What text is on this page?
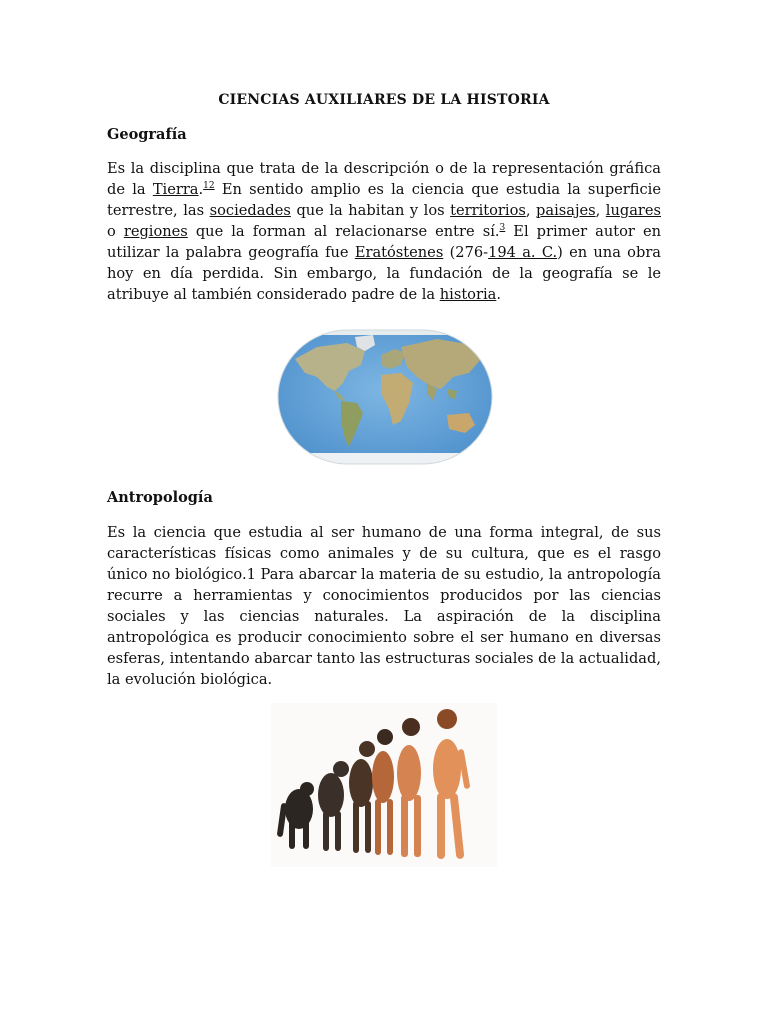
CIENCIAS AUXILIARES DE LA HISTORIA
Geografía
Es la disciplina que trata de la descripción o de la representación gráfica de la Tierra.$^{12}$ En sentido amplio es la ciencia que estudia la superficie terrestre, las sociedades que la habitan y los territorios, paisajes, lugares o regiones que la forman al relacionarse entre sí.$^3$ El primer autor en utilizar la palabra geografía fue Eratóstenes (276-194 a. C.) en una obra hoy en día perdida. Sin embargo, la fundación de la geografía se le atribuye al también considerado padre de la historia.
Antropología
Es la ciencia que estudia al ser humano de una forma integral, de sus características físicas como animales y de su cultura, que es el rasgo único no biológico.1 Para abarcar la materia de su estudio, la antropología recurre a herramientas y conocimientos producidos por las ciencias sociales y las ciencias naturales. La aspiración de la disciplina antropológica es producir conocimiento sobre el ser humano en diversas esferas, intentando abarcar tanto las estructuras sociales de la actualidad, la evolución biológica.
